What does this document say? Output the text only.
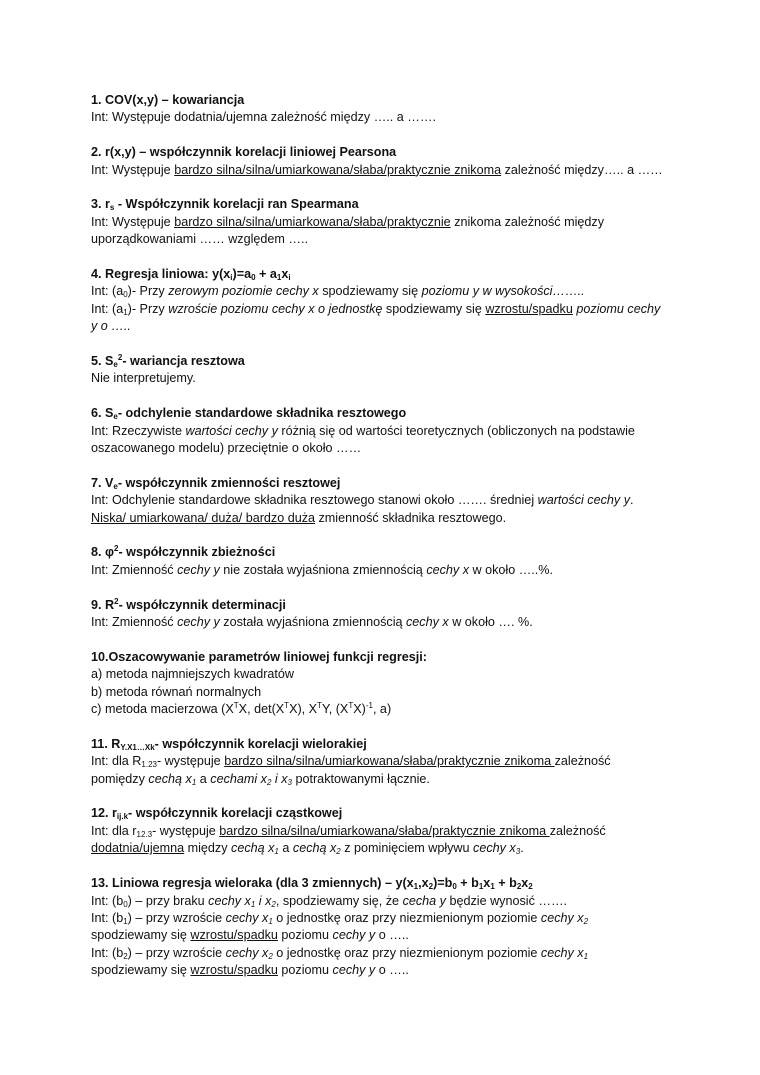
1. COV(x,y) – kowariancja
Int: Występuje dodatnia/ujemna zależność między ….. a …….
2. r(x,y) – współczynnik korelacji liniowej Pearsona
Int: Występuje bardzo silna/silna/umiarkowana/słaba/praktycznie znikoma zależność między….. a ……
3. $r_s$ - Współczynnik korelacji ran Spearmana
Int: Występuje bardzo silna/silna/umiarkowana/słaba/praktycznie znikoma zależność między
uporządkowaniami …… względem …..
4. Regresja liniowa: $y(x_i)=a_0 + a_1x_i$
Int: $(a_0)-$ Przy zerowym poziomie cechy x spodziewamy się poziomu y w wysokości……..
Int: $(a_1)-$ Przy wzroście poziomu cechy x o jednostkę spodziewamy się wzrostu/spadku poziomu cechy
y o …..
5. $S_e^2-$ wariancja resztowa
Nie interpretujemy.
6. $S_e-$ odchylenie standardowe składnika resztowego
Int: Rzeczywiste wartości cechy y różnią się od wartości teoretycznych (obliczonych na podstawie
oszacowanego modelu) przeciętnie o około ……
7. $V_e-$ współczynnik zmienności resztowej
Int: Odchylenie standardowe składnika resztowego stanowi około ……. średniej wartości cechy y.
Niska/ umiarkowana/ duża/ bardzo duża zmienność składnika resztowego.
8. $\varphi^2-$ współczynnik zbieżności
Int: Zmienność cechy y nie została wyjaśniona zmiennością cechy x w około …..%.
9. $R^2-$ współczynnik determinacji
Int: Zmienność cechy y została wyjaśniona zmiennością cechy x w około …. %.
10.Oszacowywanie parametrów liniowej funkcji regresji:
a) metoda najmniejszych kwadratów
b) metoda równań normalnych
c) metoda macierzowa ($X^TX$, $\det(X^TX)$, $X^TY$, $(X^TX)^{-1}$, a)
11. $R_{Y.X1\dots Xk}-$ współczynnik korelacji wielorakiej
Int: dla $R_{1.23}-$ występuje bardzo silna/silna/umiarkowana/słaba/praktycznie znikoma zależność
pomiędzy cechą $x_1$ a cechami $x_2$ i $x_3$ potraktowanymi łącznie.
12. $r_{ij.k}-$ współczynnik korelacji cząstkowej
Int: dla $r_{12.3}-$ występuje bardzo silna/silna/umiarkowana/słaba/praktycznie znikoma zależność
dodatnia/ujemna między cechą $x_1$ a cechą $x_2$ z pominięciem wpływu cechy $x_3$.
13. Liniowa regresja wieloraka (dla 3 zmiennych) – $y(x_1,x_2)=b_0 + b_1x_1 + b_2x_2$
Int: $(b_0)$ – przy braku cechy $x_1$ i $x_2$, spodziewamy się, że cecha y będzie wynosić …….
Int: $(b_1)$ – przy wzroście cechy $x_1$ o jednostkę oraz przy niezmienionym poziomie cechy $x_2$
spodziewamy się wzrostu/spadku poziomu cechy y o …..
Int: $(b_2)$ – przy wzroście cechy $x_2$ o jednostkę oraz przy niezmienionym poziomie cechy $x_1$
spodziewamy się wzrostu/spadku poziomu cechy y o …..
